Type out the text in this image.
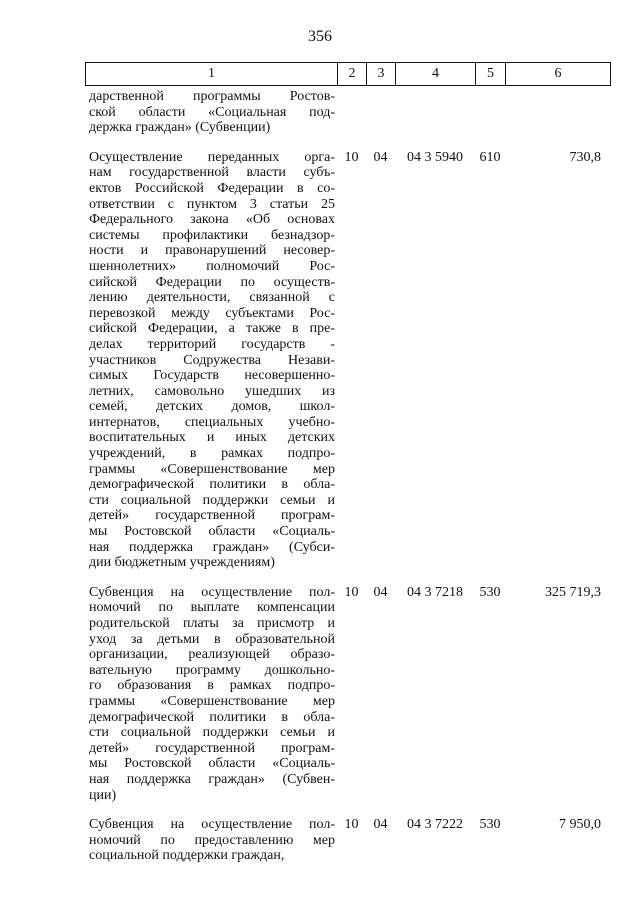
356
1	2	3	4	5	6
дарственной программы Ростов-
ской области «Социальная под-
держка граждан» (Субвенции)
Осуществление переданных орга-
нам государственной власти субъ-
ектов Российской Федерации в со-
ответствии с пунктом 3 статьи 25
Федерального закона «Об основах
системы профилактики безнадзор-
ности и правонарушений несовер-
шеннолетних» полномочий Рос-
сийской Федерации по осуществ-
лению деятельности, связанной с
перевозкой между субъектами Рос-
сийской Федерации, а также в пре-
делах территорий государств -
участников Содружества Незави-
симых Государств несовершенно-
летних, самовольно ушедших из
семей, детских домов, школ-
интернатов, специальных учебно-
воспитательных и иных детских
учреждений, в рамках подпро-
граммы «Совершенствование мер
демографической политики в обла-
сти социальной поддержки семьи и
детей» государственной програм-
мы Ростовской области «Социаль-
ная поддержка граждан» (Субси-
дии бюджетным учреждениям)
10	04	04 3 5940	610	730,8
Субвенция на осуществление пол-
номочий по выплате компенсации
родительской платы за присмотр и
уход за детьми в образовательной
организации, реализующей образо-
вательную программу дошкольно-
го образования в рамках подпро-
граммы «Совершенствование мер
демографической политики в обла-
сти социальной поддержки семьи и
детей» государственной програм-
мы Ростовской области «Социаль-
ная поддержка граждан» (Субвен-
ции)
10	04	04 3 7218	530	325 719,3
Субвенция на осуществление пол-
номочий по предоставлению мер
социальной поддержки граждан,
10	04	04 3 7222	530	7 950,0
